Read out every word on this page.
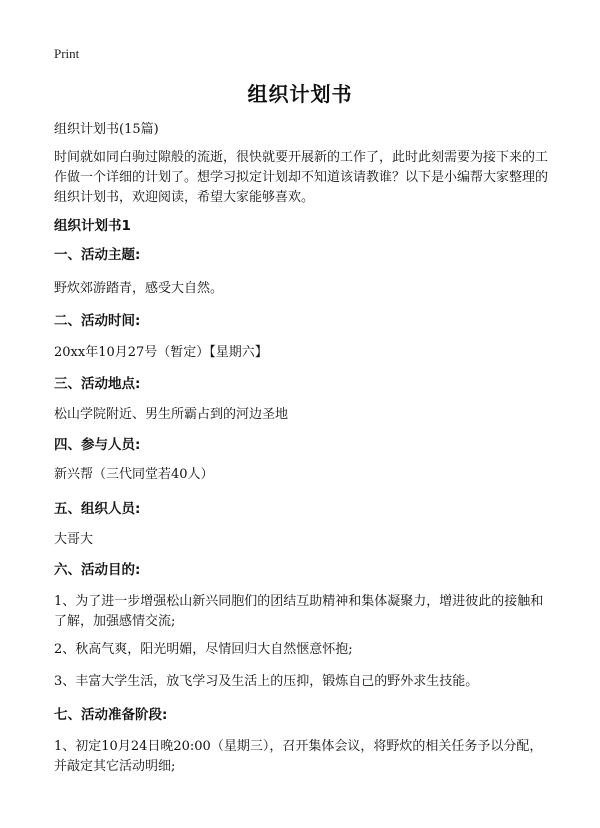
Print
组织计划书
组织计划书(15篇)
时间就如同白驹过隙般的流逝，很快就要开展新的工作了，此时此刻需要为接下来的工作做一个详细的计划了。想学习拟定计划却不知道该请教谁？以下是小编帮大家整理的组织计划书，欢迎阅读，希望大家能够喜欢。
组织计划书1
一、活动主题:
野炊郊游踏青，感受大自然。
二、活动时间:
20xx年10月27号（暂定）【星期六】
三、活动地点:
松山学院附近、男生所霸占到的河边圣地
四、参与人员:
新兴帮（三代同堂若40人）
五、组织人员:
大哥大
六、活动目的:
1、为了进一步增强松山新兴同胞们的团结互助精神和集体凝聚力，增进彼此的接触和了解，加强感情交流;
2、秋高气爽，阳光明媚，尽情回归大自然惬意怀抱;
3、丰富大学生活，放飞学习及生活上的压抑，锻炼自己的野外求生技能。
七、活动准备阶段:
1、初定10月24日晚20:00（星期三），召开集体会议，将野炊的相关任务予以分配，并敲定其它活动明细;
